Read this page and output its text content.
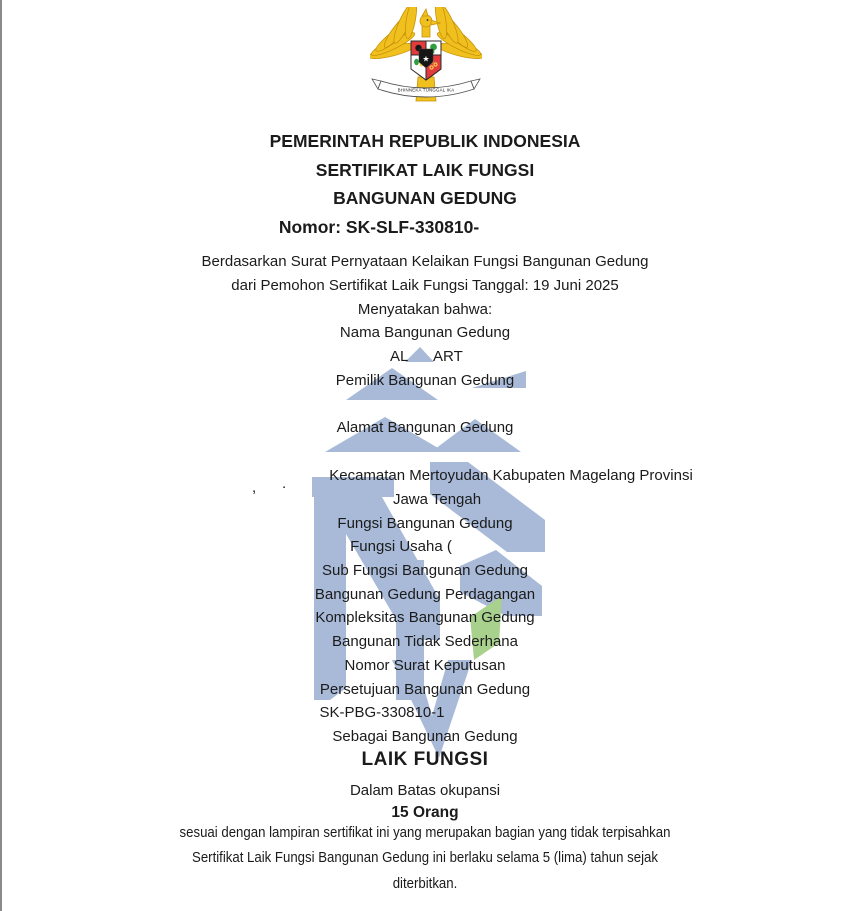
★
BHINNEKA TUNGGAL IKA
PEMERINTAH REPUBLIK INDONESIA
SERTIFIKAT LAIK FUNGSI
BANGUNAN GEDUNG
Nomor: SK-SLF-330810-
Berdasarkan Surat Pernyataan Kelaikan Fungsi Bangunan Gedung
dari Pemohon Sertifikat Laik Fungsi Tanggal: 19 Juni 2025
Menyatakan bahwa:
Nama Bangunan Gedung
AL ART
Pemilik Bangunan Gedung
Alamat Bangunan Gedung
, .	Kecamatan Mertoyudan Kabupaten Magelang Provinsi
Jawa Tengah
Fungsi Bangunan Gedung
Fungsi Usaha (
Sub Fungsi Bangunan Gedung
Bangunan Gedung Perdagangan
Kompleksitas Bangunan Gedung
Bangunan Tidak Sederhana
Nomor Surat Keputusan
Persetujuan Bangunan Gedung
SK-PBG-330810-1
Sebagai Bangunan Gedung
LAIK FUNGSI
Dalam Batas okupansi
15 Orang
sesuai dengan lampiran sertifikat ini yang merupakan bagian yang tidak terpisahkan
Sertifikat Laik Fungsi Bangunan Gedung ini berlaku selama 5 (lima) tahun sejak
diterbitkan.
